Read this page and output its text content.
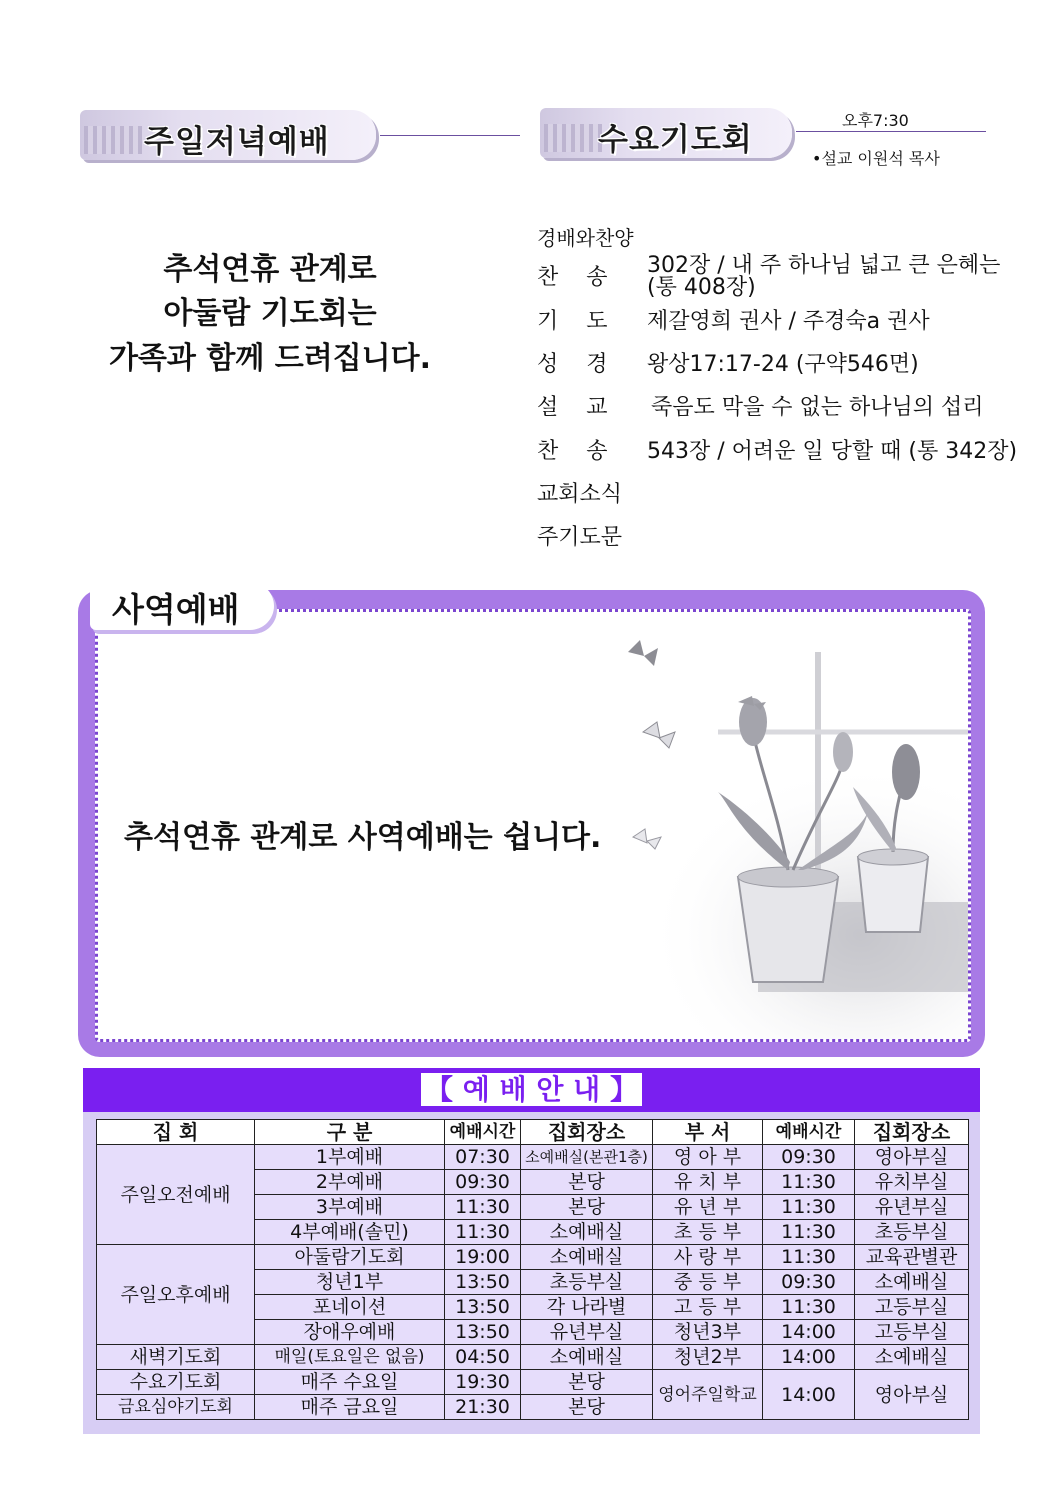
주일저녁예배
추석연휴 관계로
아둘람 기도회는
가족과 함께 드려집니다.
수요기도회
오후7:30
•설교 이원석 목사
경배와찬양
찬송 302장 / 내 주 하나님 넓고 큰 은혜는
(통 408장)
기도 제갈영희 권사 / 주경숙a 권사
성경 왕상17:17-24 (구약546면)
설교 죽음도 막을 수 없는 하나님의 섭리
찬송 543장 / 어려운 일 당할 때 (통 342장)
교회소식
주기도문
추석연휴 관계로 사역예배는 쉽니다.
사역예배
【 예 배 안 내 】
집 회	구 분	예배시간	집회장소	부 서	예배시간	집회장소
주일오전예배	1부예배	07:30	소예배실(본관1층)	영 아 부	09:30	영아부실
	2부예배	09:30	본당	유 치 부	11:30	유치부실
	3부예배	11:30	본당	유 년 부	11:30	유년부실
	4부예배(솔민)	11:30	소예배실	초 등 부	11:30	초등부실
주일오후예배	아둘람기도회	19:00	소예배실	사 랑 부	11:30	교육관별관
	청년1부	13:50	초등부실	중 등 부	09:30	소예배실
	포네이션	13:50	각 나라별	고 등 부	11:30	고등부실
	장애우예배	13:50	유년부실	청년3부	14:00	고등부실
새벽기도회	매일(토요일은 없음)	04:50	소예배실	청년2부	14:00	소예배실
수요기도회	매주 수요일	19:30	본당	영어주일학교	14:00	영아부실
금요심야기도회	매주 금요일	21:30	본당			
